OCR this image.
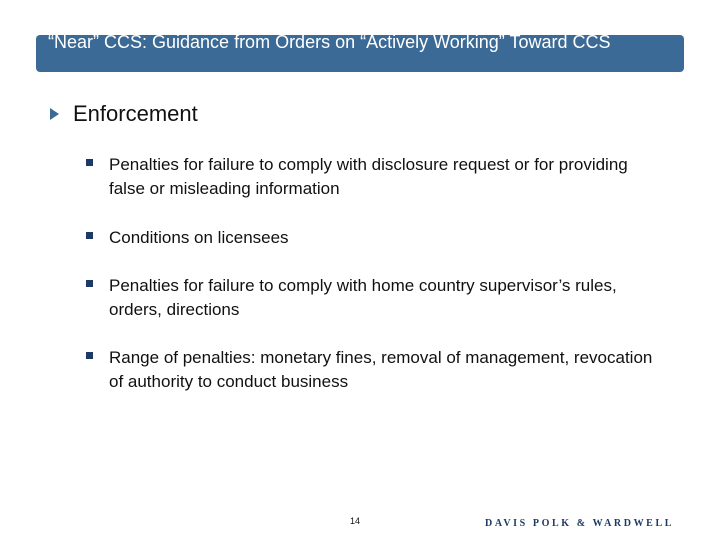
“Near” CCS: Guidance from Orders on “Actively Working” Toward CCS
Enforcement
Penalties for failure to comply with disclosure request or for providing false or misleading information
Conditions on licensees
Penalties for failure to comply with home country supervisor’s rules, orders, directions
Range of penalties: monetary fines, removal of management, revocation of authority to conduct business
14	DAVIS POLK & WARDWELL
